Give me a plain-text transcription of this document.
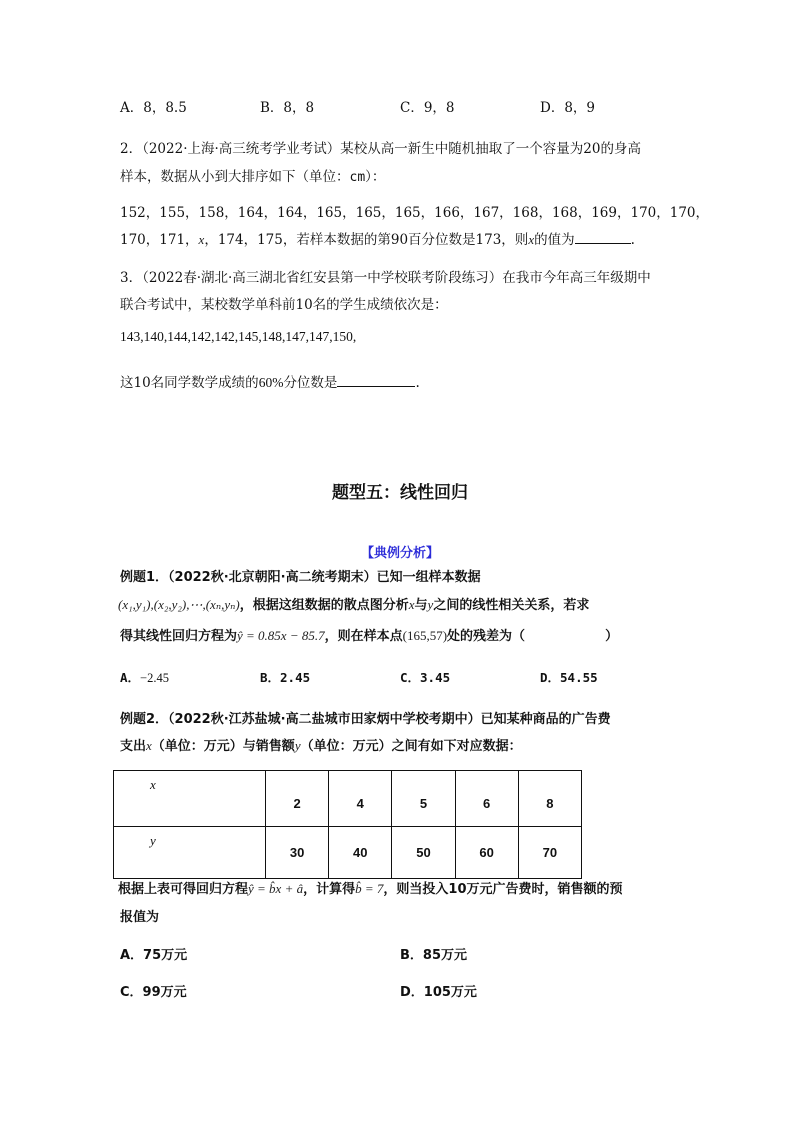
A．8，8.5	B．8，8	C．9，8	D．8，9
2．（2022·上海·高三统考学业考试）某校从高一新生中随机抽取了一个容量为20的身高
样本，数据从小到大排序如下（单位：cm）：
152，155，158，164，164，165，165，165，166，167，168，168，169，170，170，
170，171，x，174，175，若样本数据的第90百分位数是173，则x的值为	.
3．（2022春·湖北·高三湖北省红安县第一中学校联考阶段练习）在我市今年高三年级期中
联合考试中，某校数学单科前10名的学生成绩依次是：
143,140,144,142,142,145,148,147,147,150,
这10名同学数学成绩的60%分位数是	.
题型五：线性回归
【典例分析】
例题1．（2022秋·北京朝阳·高二统考期末）已知一组样本数据
(x₁,y₁),(x₂,y₂),⋯,(xₙ,yₙ)，根据这组数据的散点图分析x与y之间的线性相关关系，若求
得其线性回归方程为ŷ = 0.85x − 85.7，则在样本点(165,57)处的残差为（	）
A．−2.45	B．2.45	C．3.45	D．54.55
例题2．（2022秋·江苏盐城·高二盐城市田家炳中学校考期中）已知某种商品的广告费
支出x（单位：万元）与销售额y（单位：万元）之间有如下对应数据：
x	2	4	5	6	8
y	30	40	50	60	70
根据上表可得回归方程ŷ = b̂x + â，计算得b̂ = 7，则当投入10万元广告费时，销售额的预
报值为
A．75万元	B．85万元
C．99万元	D．105万元
